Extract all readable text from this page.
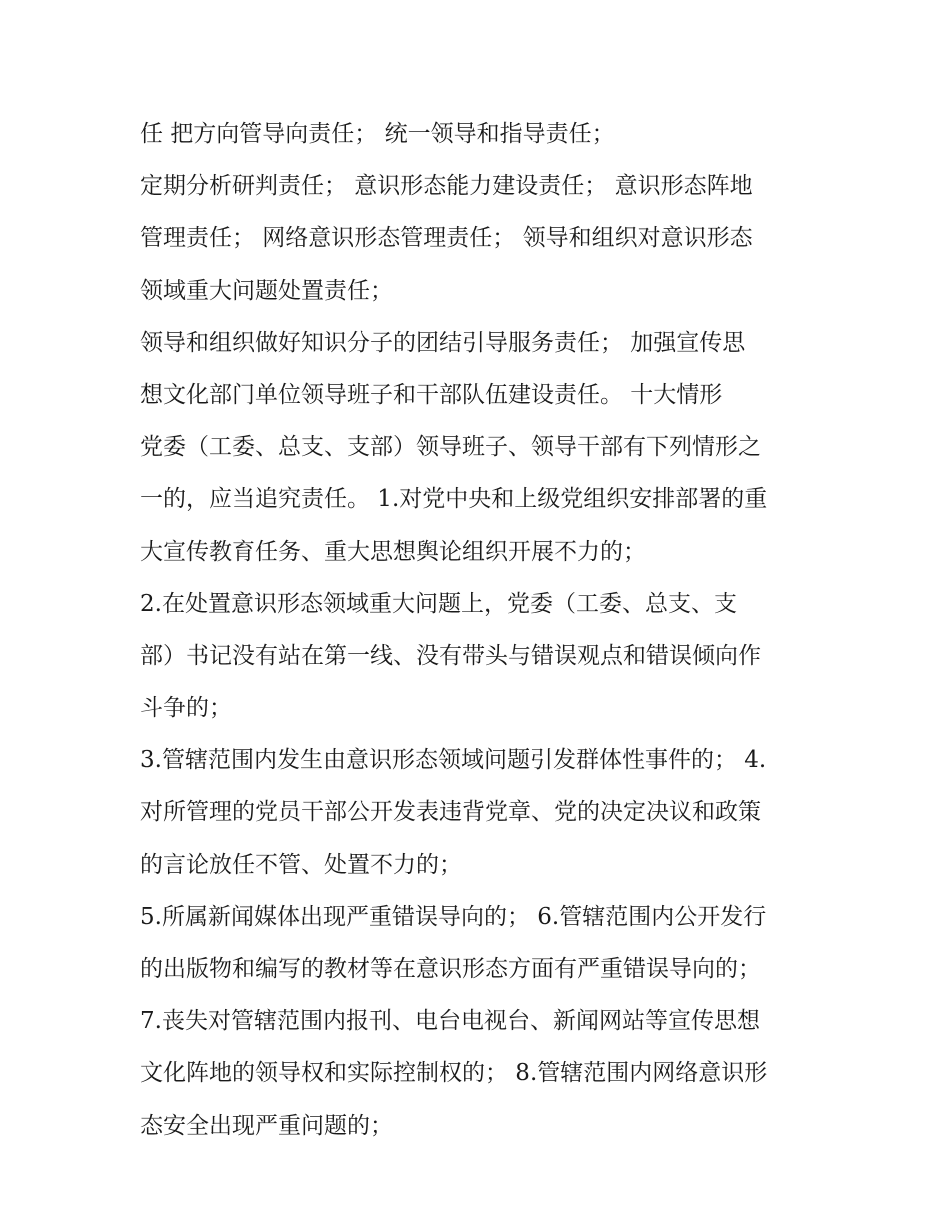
任 把方向管导向责任； 统一领导和指导责任；
定期分析研判责任； 意识形态能力建设责任； 意识形态阵地
管理责任； 网络意识形态管理责任； 领导和组织对意识形态
领域重大问题处置责任；
领导和组织做好知识分子的团结引导服务责任； 加强宣传思
想文化部门单位领导班子和干部队伍建设责任。 十大情形
党委（工委、总支、支部）领导班子、领导干部有下列情形之
一的，应当追究责任。 1.对党中央和上级党组织安排部署的重
大宣传教育任务、重大思想舆论组织开展不力的；
2.在处置意识形态领域重大问题上，党委（工委、总支、支
部）书记没有站在第一线、没有带头与错误观点和错误倾向作
斗争的；
3.管辖范围内发生由意识形态领域问题引发群体性事件的； 4.
对所管理的党员干部公开发表违背党章、党的决定决议和政策
的言论放任不管、处置不力的；
5.所属新闻媒体出现严重错误导向的； 6.管辖范围内公开发行
的出版物和编写的教材等在意识形态方面有严重错误导向的；
7.丧失对管辖范围内报刊、电台电视台、新闻网站等宣传思想
文化阵地的领导权和实际控制权的； 8.管辖范围内网络意识形
态安全出现严重问题的；
